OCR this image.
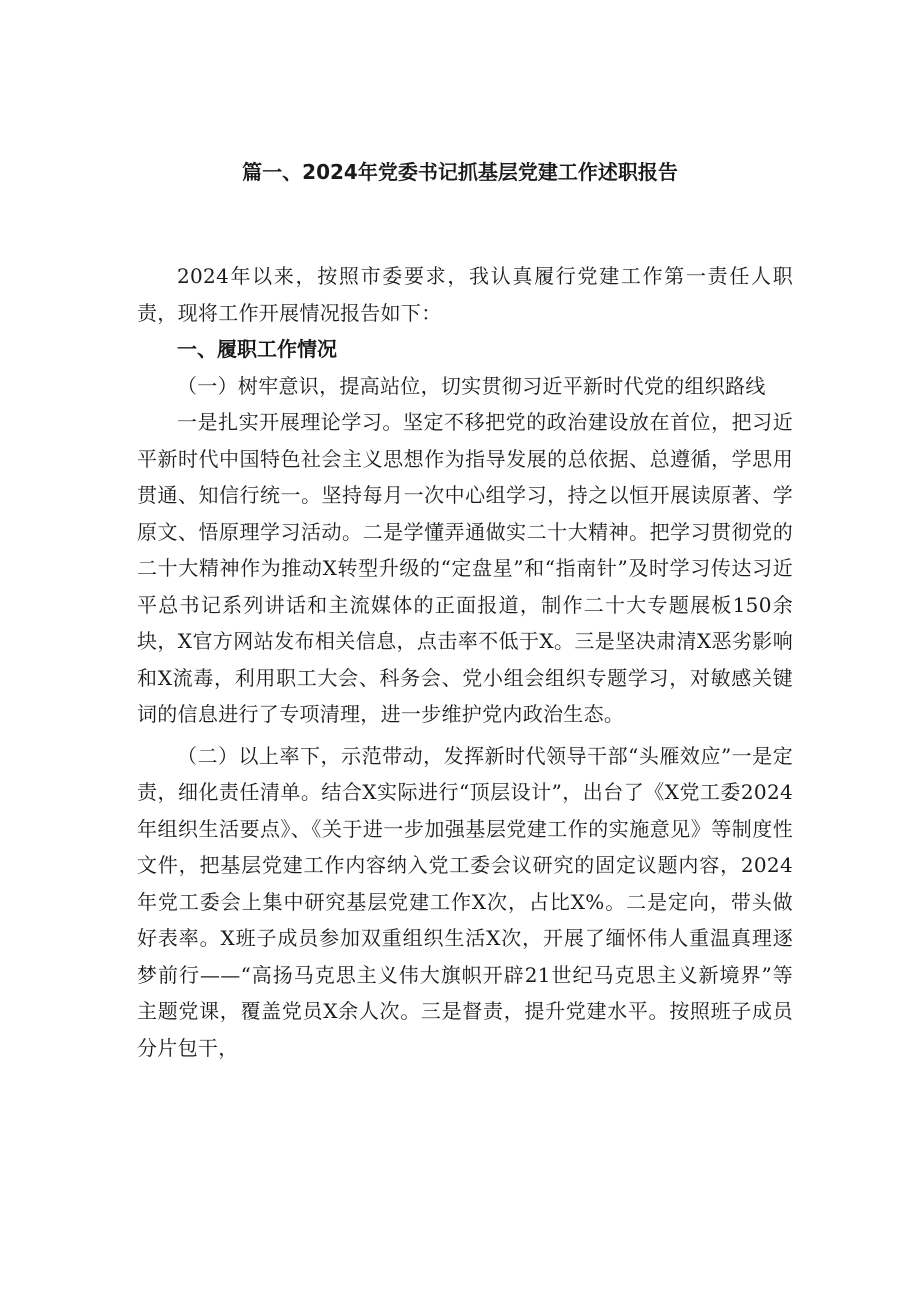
篇一、2024年党委书记抓基层党建工作述职报告

2024年以来，按照市委要求，我认真履行党建工作第一责任人职责，现将工作开展情况报告如下：

一、履职工作情况

（一）树牢意识，提高站位，切实贯彻习近平新时代党的组织路线

一是扎实开展理论学习。坚定不移把党的政治建设放在首位，把习近平新时代中国特色社会主义思想作为指导发展的总依据、总遵循，学思用贯通、知信行统一。坚持每月一次中心组学习，持之以恒开展读原著、学原文、悟原理学习活动。二是学懂弄通做实二十大精神。把学习贯彻党的二十大精神作为推动X转型升级的“定盘星”和“指南针”及时学习传达习近平总书记系列讲话和主流媒体的正面报道，制作二十大专题展板150余块，X官方网站发布相关信息，点击率不低于X。三是坚决肃清X恶劣影响和X流毒，利用职工大会、科务会、党小组会组织专题学习，对敏感关键词的信息进行了专项清理，进一步维护党内政治生态。

（二）以上率下，示范带动，发挥新时代领导干部“头雁效应”一是定责，细化责任清单。结合X实际进行“顶层设计”，出台了《X党工委2024年组织生活要点》、《关于进一步加强基层党建工作的实施意见》等制度性文件，把基层党建工作内容纳入党工委会议研究的固定议题内容，2024年党工委会上集中研究基层党建工作X次，占比X%。二是定向，带头做好表率。X班子成员参加双重组织生活X次，开展了缅怀伟人重温真理逐梦前行——“高扬马克思主义伟大旗帜开辟21世纪马克思主义新境界”等主题党课，覆盖党员X余人次。三是督责，提升党建水平。按照班子成员分片包干，
